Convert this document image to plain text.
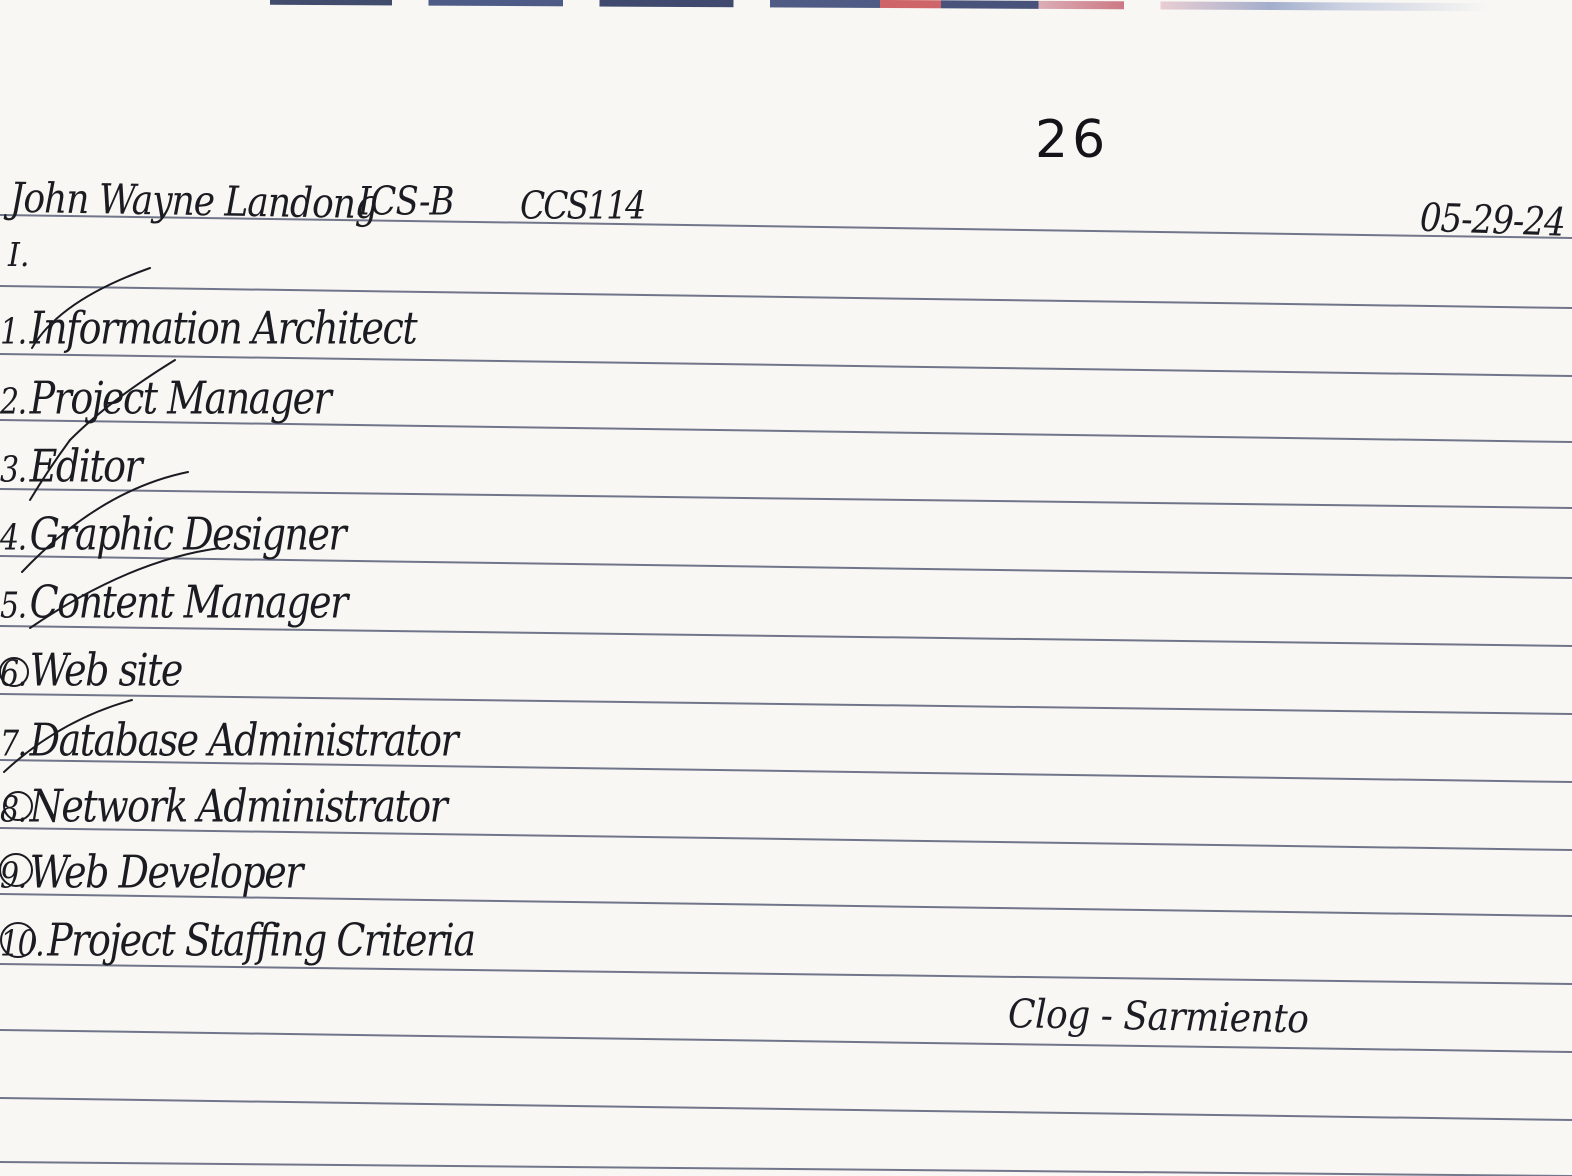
26
John Wayne Landong
ICS-B CCS114	05-29-24
I.
1. Information Architect
2. Project Manager
3. Editor
4. Graphic Designer
5. Content Manager
6. Web site
7. Database Administrator
8. Network Administrator
9. Web Developer
10. Project Staffing Criteria
Clog - Sarmiento
